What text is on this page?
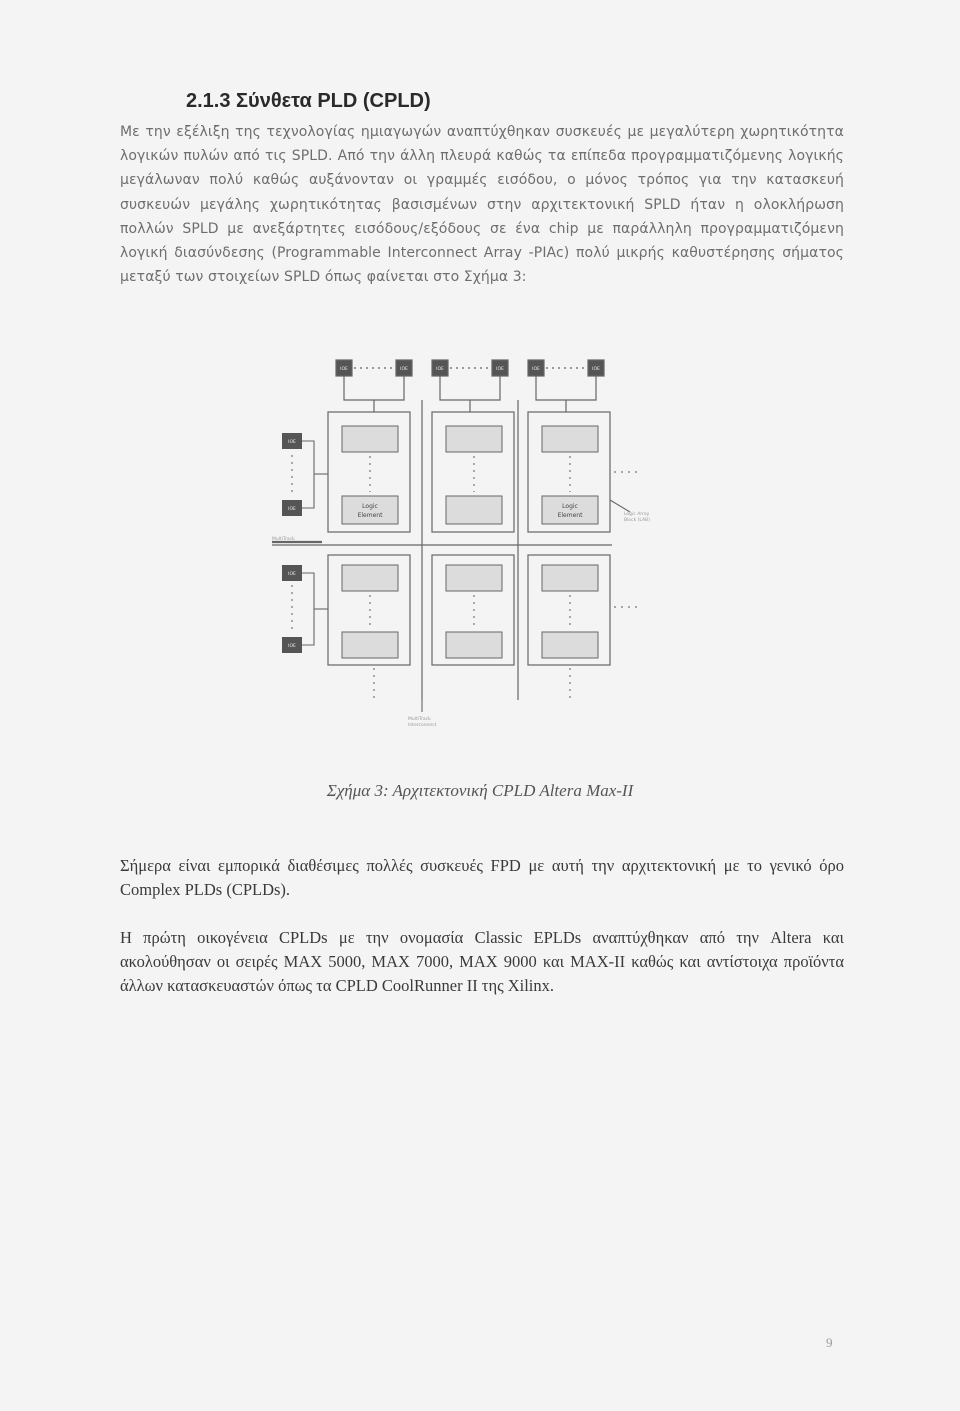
2.1.3 Σύνθετα PLD (CPLD)

Με την εξέλιξη της τεχνολογίας ημιαγωγών αναπτύχθηκαν συσκευές με μεγαλύτερη χωρητικότητα λογικών πυλών από τις SPLD. Από την άλλη πλευρά καθώς τα επίπεδα προγραμματιζόμενης λογικής μεγάλωναν πολύ καθώς αυξάνονταν οι γραμμές εισόδου, ο μόνος τρόπος για την κατασκευή συσκευών μεγάλης χωρητικότητας βασισμένων στην αρχιτεκτονική SPLD ήταν η ολοκλήρωση πολλών SPLD με ανεξάρτητες εισόδους/εξόδους σε ένα chip με παράλληλη προγραμματιζόμενη λογική διασύνδεσης (Programmable Interconnect Array -PIAc) πολύ μικρής καθυστέρησης σήματος μεταξύ των στοιχείων SPLD όπως φαίνεται στο Σχήμα 3:

Logic
Element
Logic
Element
IOE	IOE	IOE	IOE	IOE	IOE
IOE
IOE
IOE
IOE
Logic Array
Block (LAB)
MultiTrack
MultiTrack
Interconnect

Σχήμα 3: Αρχιτεκτονική CPLD Altera Max-II

Σήμερα είναι εμπορικά διαθέσιμες πολλές συσκευές FPD με αυτή την αρχιτεκτονική με το γενικό όρο Complex PLDs (CPLDs).

Η πρώτη οικογένεια CPLDs με την ονομασία Classic EPLDs αναπτύχθηκαν από την Altera και ακολούθησαν οι σειρές MAX 5000, MAX 7000, MAX 9000 και MAX-II καθώς και αντίστοιχα προϊόντα άλλων κατασκευαστών όπως τα CPLD CoolRunner II της Xilinx.

9
